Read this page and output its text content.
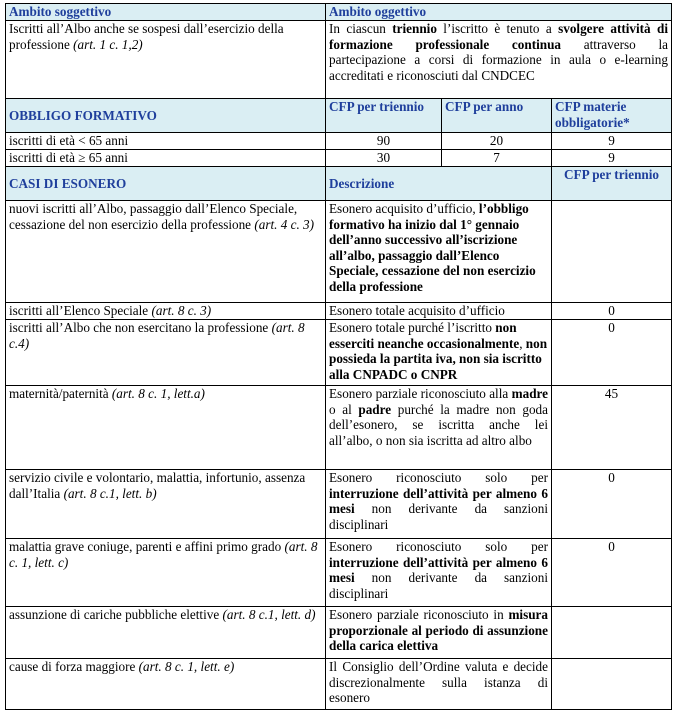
Ambito soggettivo	Ambito oggettivo		
Iscritti all’Albo anche se sospesi dall’esercizio della professione (art. 1 c. 1,2)	In ciascun triennio l’iscritto è tenuto a svolgere attività di formazione professionale continua attraverso la partecipazione a corsi di formazione in aula o e-learning accreditati e riconosciuti dal CNDCEC		
OBBLIGO FORMATIVO	CFP per triennio	CFP per anno	CFP materie obbligatorie*
iscritti di età < 65 anni	90	20	9
iscritti di età ≥ 65 anni	30	7	9
CASI DI ESONERO	Descrizione		CFP per triennio
nuovi iscritti all’Albo, passaggio dall’Elenco Speciale, cessazione del non esercizio della professione (art. 4 c. 3)	Esonero acquisito d’ufficio, l’obbligo formativo ha inizio dal 1° gennaio dell’anno successivo all’iscrizione all’albo, passaggio dall’Elenco Speciale, cessazione del non esercizio della professione		
iscritti all’Elenco Speciale (art. 8 c. 3)	Esonero totale acquisito d’ufficio		0
iscritti all’Albo che non esercitano la professione (art. 8 c.4)	Esonero totale purché l’iscritto non esserciti neanche occasionalmente, non possieda la partita iva, non sia iscritto alla CNPADC o CNPR		0
maternità/paternità (art. 8 c. 1, lett.a)	Esonero parziale riconosciuto alla madre o al padre purché la madre non goda dell’esonero, se iscritta anche lei all’albo, o non sia iscritta ad altro albo		45
servizio civile e volontario, malattia, infortunio, assenza dall’Italia (art. 8 c.1, lett. b)	Esonero riconosciuto solo per interruzione dell’attività per almeno 6 mesi non derivante da sanzioni disciplinari		0
malattia grave coniuge, parenti e affini primo grado (art. 8 c. 1, lett. c)	Esonero riconosciuto solo per interruzione dell’attività per almeno 6 mesi non derivante da sanzioni disciplinari		0
assunzione di cariche pubbliche elettive (art. 8 c.1, lett. d)	Esonero parziale riconosciuto in misura proporzionale al periodo di assunzione della carica elettiva		
cause di forza maggiore (art. 8 c. 1, lett. e)	Il Consiglio dell’Ordine valuta e decide discrezionalmente sulla istanza di esonero		
